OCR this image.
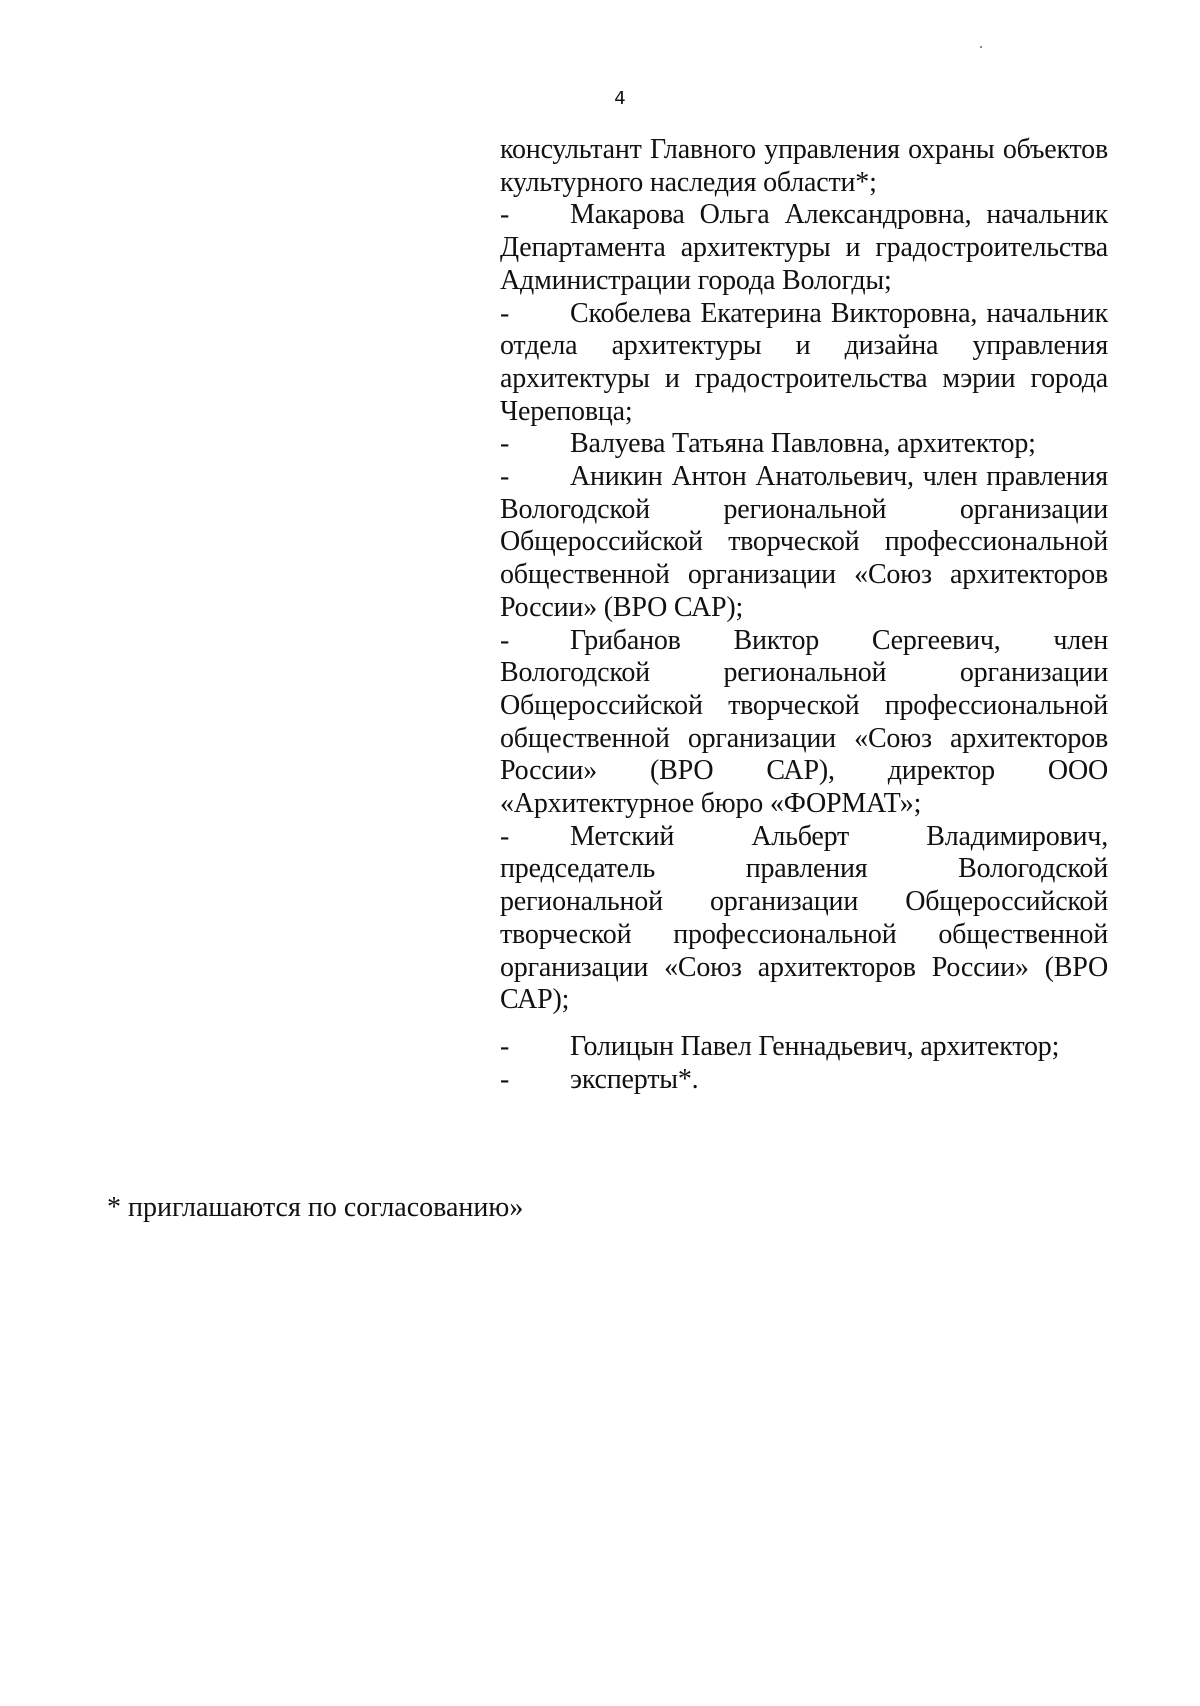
4

консультант Главного управления охраны объектов культурного наследия области*;

- Макарова Ольга Александровна, начальник Департамента архитектуры и градостроительства Администрации города Вологды;

- Скобелева Екатерина Викторовна, начальник отдела архитектуры и дизайна управления архитектуры и градостроительства мэрии города Череповца;

- Валуева Татьяна Павловна, архитектор;

- Аникин Антон Анатольевич, член правления Вологодской региональной организации Общероссийской творческой профессиональной общественной организации «Союз архитекторов России» (ВРО САР);

- Грибанов Виктор Сергеевич, член Вологодской региональной организации Общероссийской творческой профессиональной общественной организации «Союз архитекторов России» (ВРО САР), директор ООО «Архитектурное бюро «ФОРМАТ»;

- Метский Альберт Владимирович, председатель правления Вологодской региональной организации Общероссийской творческой профессиональной общественной организации «Союз архитекторов России» (ВРО САР);

- Голицын Павел Геннадьевич, архитектор;

- эксперты*.

* приглашаются по согласованию»
